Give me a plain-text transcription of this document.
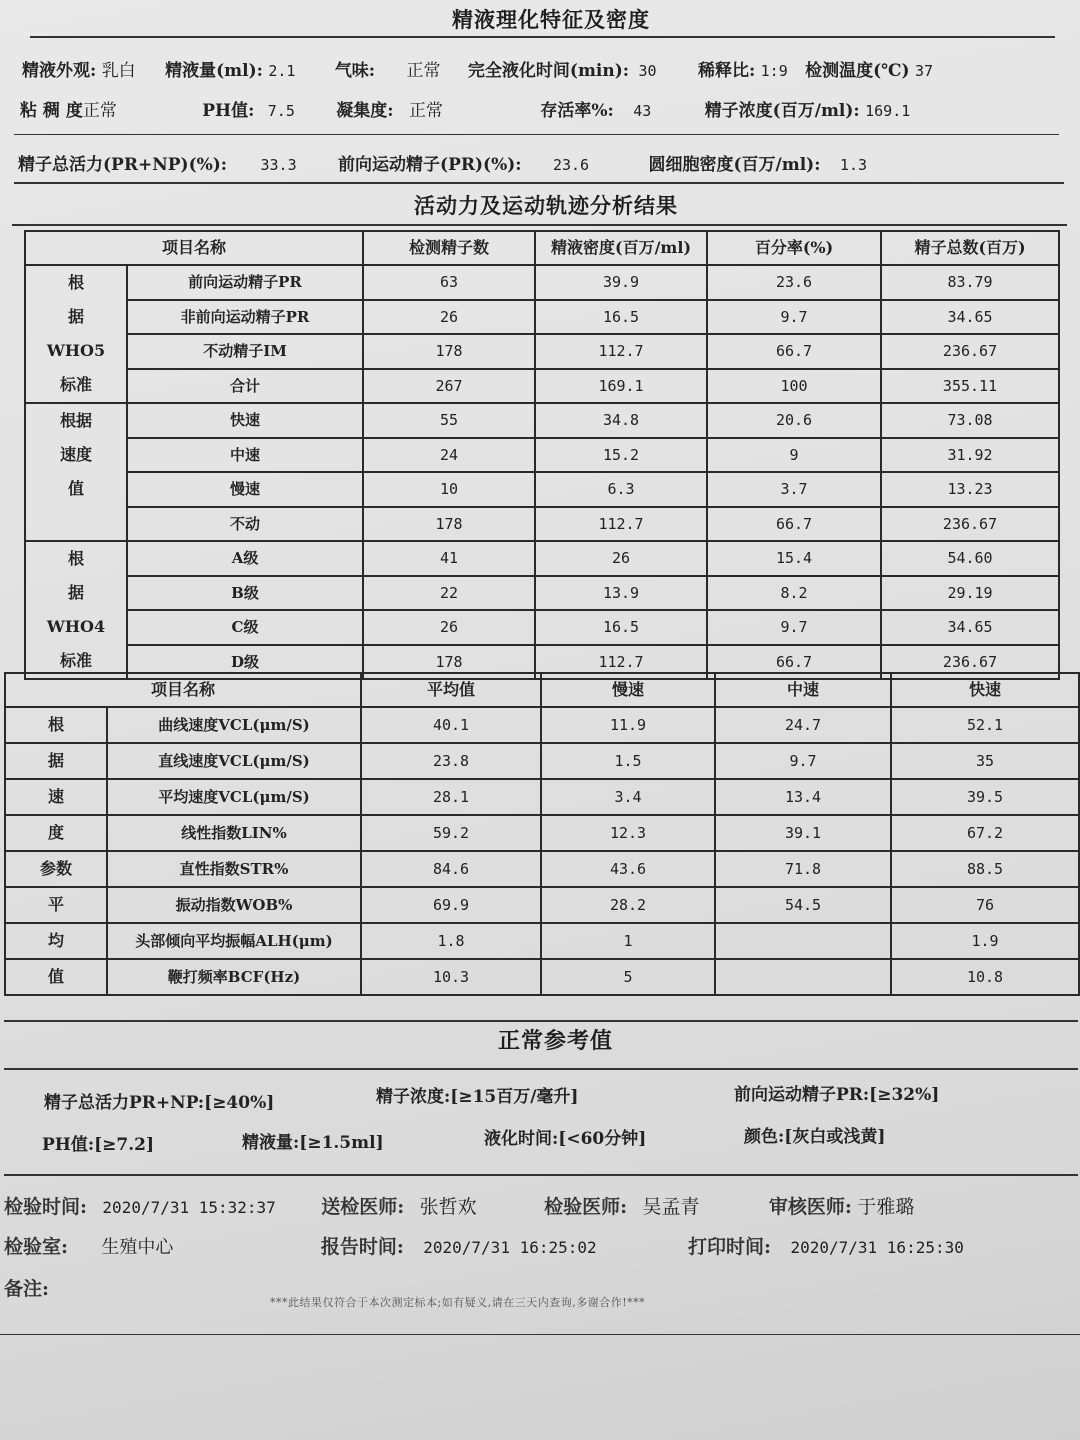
精液理化特征及密度
精液外观: 乳白 精液量(ml): 2.1 气味: 正常 完全液化时间(min): 30 稀释比: 1:9 检测温度(℃) 37
粘 稠 度正常	PH值: 7.5 凝集度: 正常	存活率%: 43	精子浓度(百万/ml): 169.1
精子总活力(PR+NP)(%): 33.3 前向运动精子(PR)(%): 23.6	圆细胞密度(百万/ml): 1.3
活动力及运动轨迹分析结果
项目名称		检测精子数	精液密度(百万/ml)	百分率(%)	精子总数(百万)

根
据
WHO5
标准	前向运动精子PR	63	39.9	23.6	83.79
	非前向运动精子PR	26	16.5	9.7	34.65
	不动精子IM	178	112.7	66.7	236.67
	合计	267	169.1	100	355.11

根据
速度
值	快速	55	34.8	20.6	73.08
	中速	24	15.2	9	31.92
	慢速	10	6.3	3.7	13.23
	不动	178	112.7	66.7	236.67

根
据
WHO4
标准	A级	41	26	15.4	54.60
	B级	22	13.9	8.2	29.19
	C级	26	16.5	9.7	34.65
	D级	178	112.7	66.7	236.67
项目名称		平均值	慢速	中速	快速
根	曲线速度VCL(μm/S)	40.1	11.9	24.7	52.1
据	直线速度VCL(μm/S)	23.8	1.5	9.7	35
速	平均速度VCL(μm/S)	28.1	3.4	13.4	39.5
度	线性指数LIN%	59.2	12.3	39.1	67.2
参数	直性指数STR%	84.6	43.6	71.8	88.5
平	振动指数WOB%	69.9	28.2	54.5	76
均	头部倾向平均振幅ALH(μm)	1.8	1		1.9
值	鞭打频率BCF(Hz)	10.3	5		10.8
正常参考值
精子总活力PR+NP:[≥40%]	精子浓度:[≥15百万/毫升]	前向运动精子PR:[≥32%]
PH值:[≥7.2]	精液量:[≥1.5ml]	液化时间:[<60分钟]	颜色:[灰白或浅黄]
检验时间: 2020/7/31 15:32:37 送检医师: 张哲欢	检验医师: 吴孟青	审核医师: 于雅璐
检验室: 生殖中心	报告时间: 2020/7/31 16:25:02	打印时间: 2020/7/31 16:25:30
备注:
***此结果仅符合于本次测定标本;如有疑义,请在三天内查询,多谢合作!***
